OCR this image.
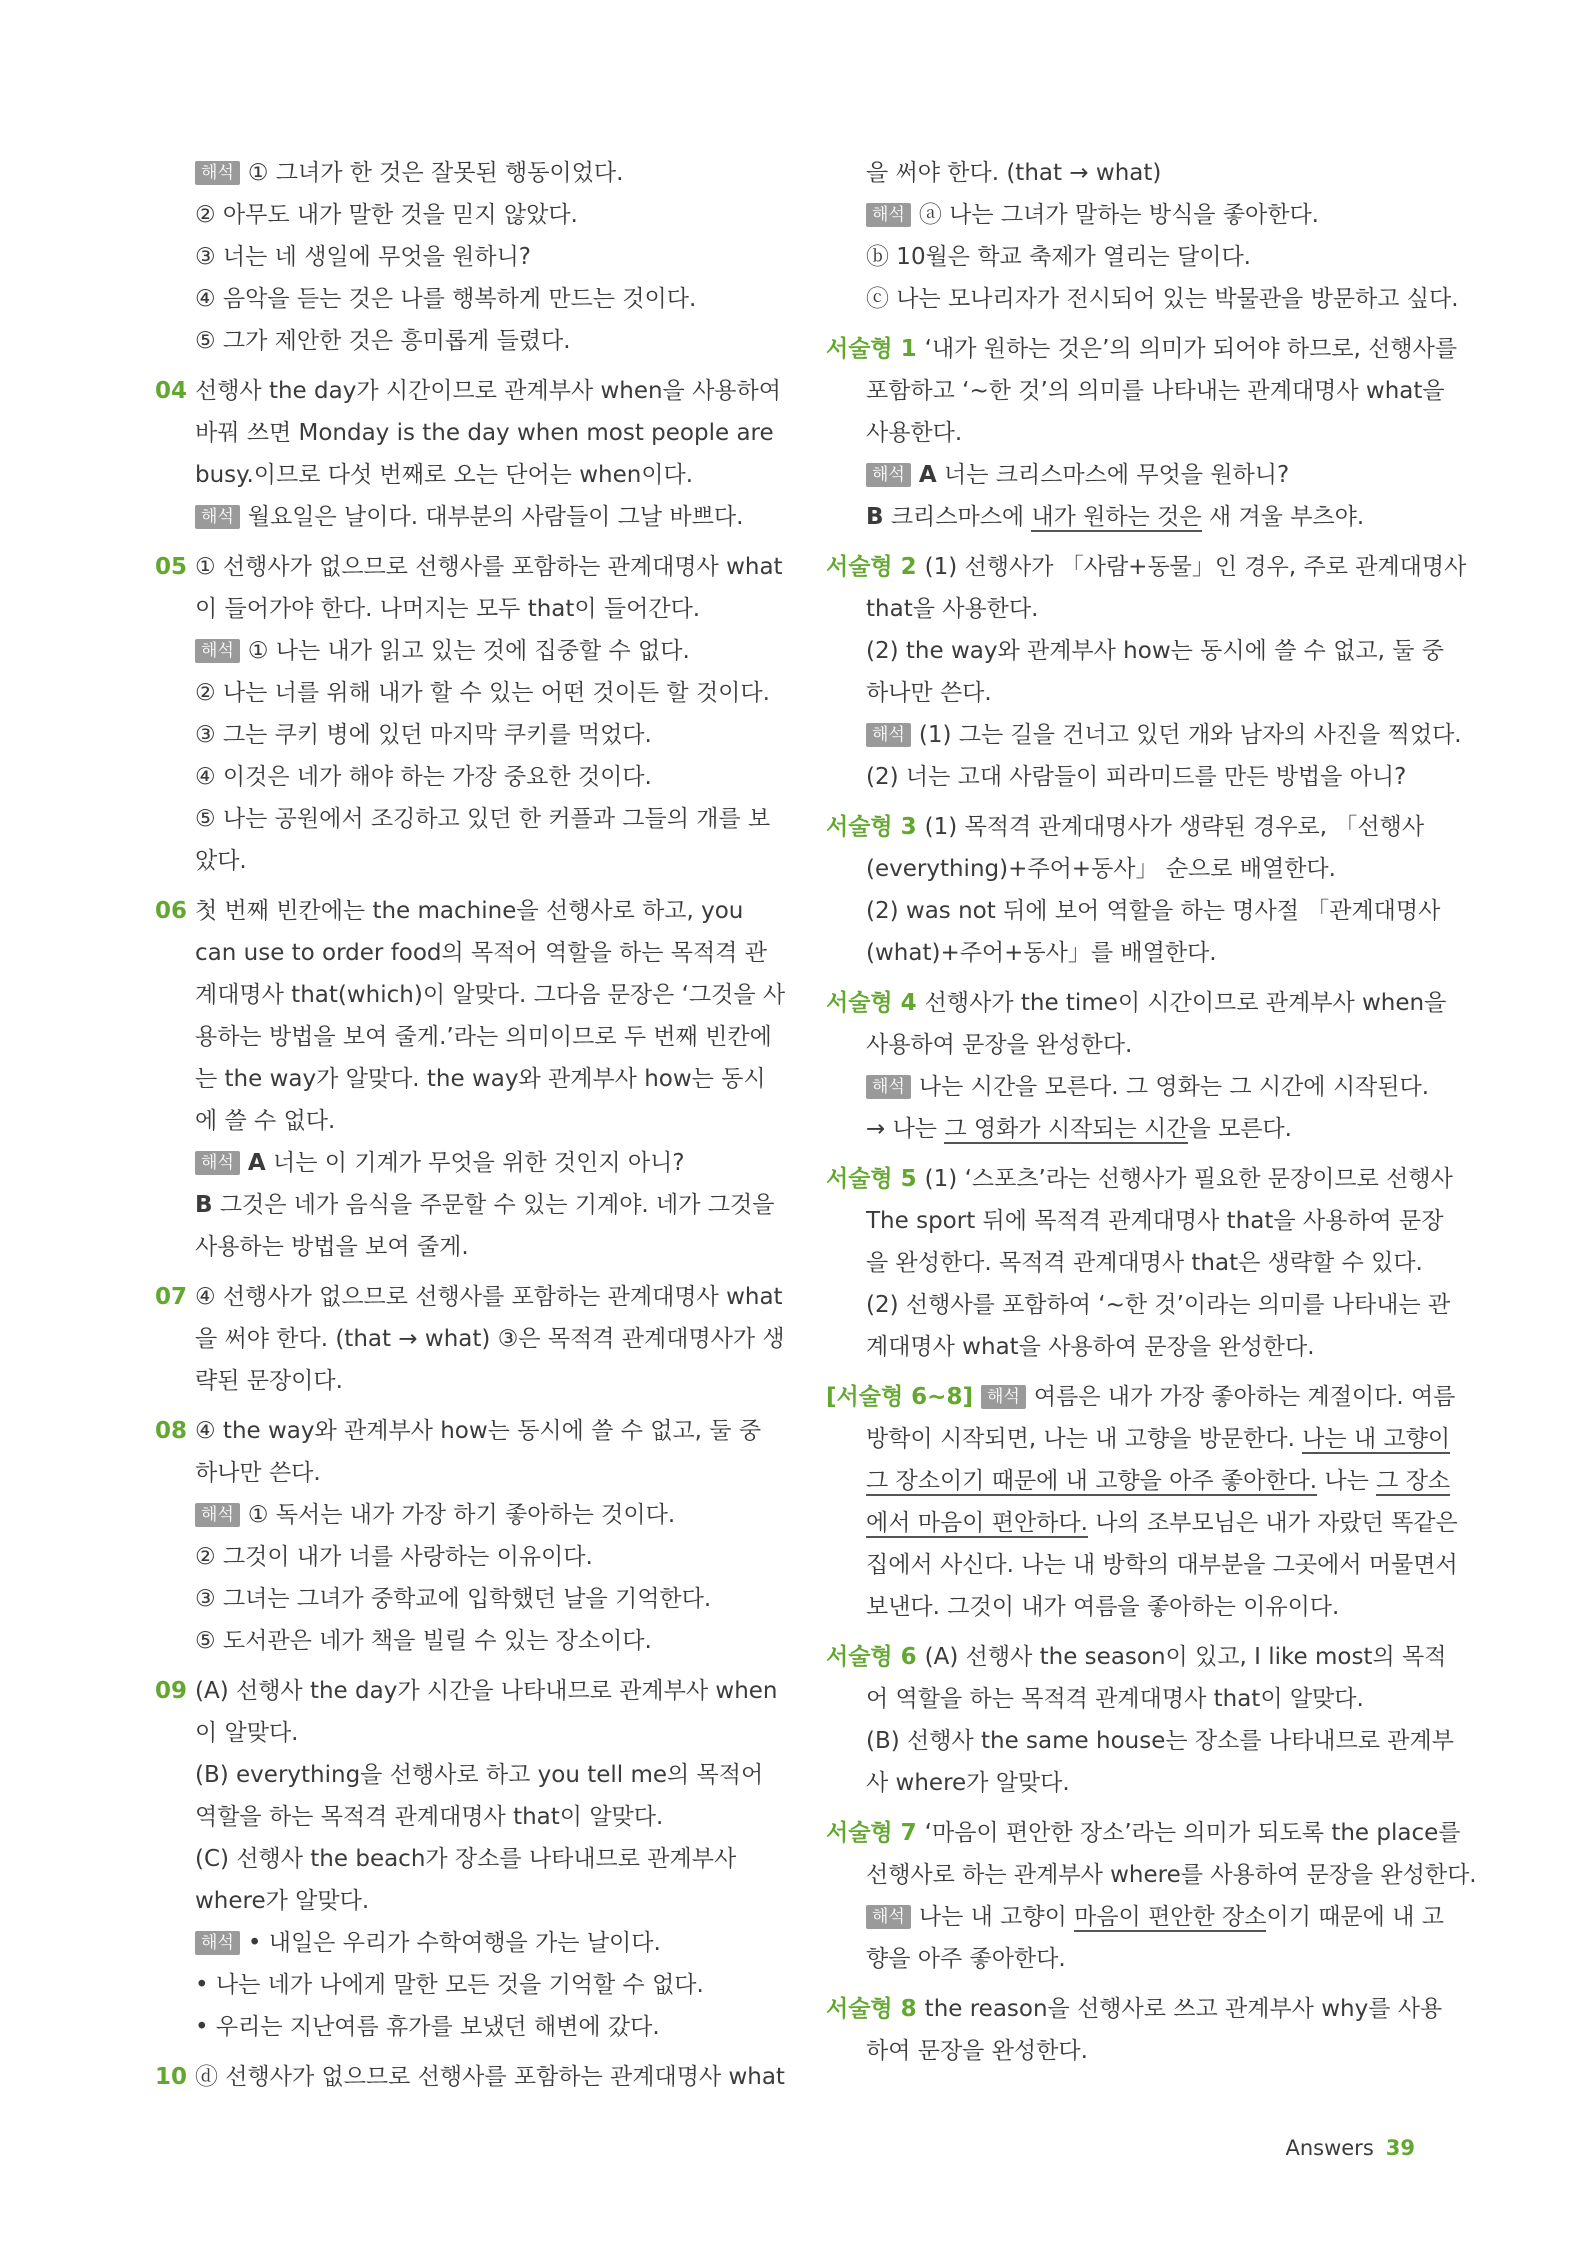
해석 ① 그녀가 한 것은 잘못된 행동이었다.
② 아무도 내가 말한 것을 믿지 않았다.
③ 너는 네 생일에 무엇을 원하니?
④ 음악을 듣는 것은 나를 행복하게 만드는 것이다.
⑤ 그가 제안한 것은 흥미롭게 들렸다.
04 선행사 the day가 시간이므로 관계부사 when을 사용하여
바꿔 쓰면 Monday is the day when most people are
busy.이므로 다섯 번째로 오는 단어는 when이다.
해석 월요일은 날이다. 대부분의 사람들이 그날 바쁘다.
05 ① 선행사가 없으므로 선행사를 포함하는 관계대명사 what
이 들어가야 한다. 나머지는 모두 that이 들어간다.
해석 ① 나는 내가 읽고 있는 것에 집중할 수 없다.
② 나는 너를 위해 내가 할 수 있는 어떤 것이든 할 것이다.
③ 그는 쿠키 병에 있던 마지막 쿠키를 먹었다.
④ 이것은 네가 해야 하는 가장 중요한 것이다.
⑤ 나는 공원에서 조깅하고 있던 한 커플과 그들의 개를 보
았다.
06 첫 번째 빈칸에는 the machine을 선행사로 하고, you
can use to order food의 목적어 역할을 하는 목적격 관
계대명사 that(which)이 알맞다. 그다음 문장은 ‘그것을 사
용하는 방법을 보여 줄게.’라는 의미이므로 두 번째 빈칸에
는 the way가 알맞다. the way와 관계부사 how는 동시
에 쓸 수 없다.
해석 A 너는 이 기계가 무엇을 위한 것인지 아니?
B 그것은 네가 음식을 주문할 수 있는 기계야. 네가 그것을
사용하는 방법을 보여 줄게.
07 ④ 선행사가 없으므로 선행사를 포함하는 관계대명사 what
을 써야 한다. (that → what) ③은 목적격 관계대명사가 생
략된 문장이다.
08 ④ the way와 관계부사 how는 동시에 쓸 수 없고, 둘 중
하나만 쓴다.
해석 ① 독서는 내가 가장 하기 좋아하는 것이다.
② 그것이 내가 너를 사랑하는 이유이다.
③ 그녀는 그녀가 중학교에 입학했던 날을 기억한다.
⑤ 도서관은 네가 책을 빌릴 수 있는 장소이다.
09 (A) 선행사 the day가 시간을 나타내므로 관계부사 when
이 알맞다.
(B) everything을 선행사로 하고 you tell me의 목적어
역할을 하는 목적격 관계대명사 that이 알맞다.
(C) 선행사 the beach가 장소를 나타내므로 관계부사
where가 알맞다.
해석 • 내일은 우리가 수학여행을 가는 날이다.
• 나는 네가 나에게 말한 모든 것을 기억할 수 없다.
• 우리는 지난여름 휴가를 보냈던 해변에 갔다.
10 ⓓ 선행사가 없으므로 선행사를 포함하는 관계대명사 what
을 써야 한다. (that → what)
해석 ⓐ 나는 그녀가 말하는 방식을 좋아한다.
ⓑ 10월은 학교 축제가 열리는 달이다.
ⓒ 나는 모나리자가 전시되어 있는 박물관을 방문하고 싶다.
서술형 1 ‘내가 원하는 것은’의 의미가 되어야 하므로, 선행사를
포함하고 ‘~한 것’의 의미를 나타내는 관계대명사 what을
사용한다.
해석 A 너는 크리스마스에 무엇을 원하니?
B 크리스마스에 내가 원하는 것은 새 겨울 부츠야.
서술형 2 (1) 선행사가 「사람+동물」인 경우, 주로 관계대명사
that을 사용한다.
(2) the way와 관계부사 how는 동시에 쓸 수 없고, 둘 중
하나만 쓴다.
해석 (1) 그는 길을 건너고 있던 개와 남자의 사진을 찍었다.
(2) 너는 고대 사람들이 피라미드를 만든 방법을 아니?
서술형 3 (1) 목적격 관계대명사가 생략된 경우로, 「선행사
(everything)+주어+동사」 순으로 배열한다.
(2) was not 뒤에 보어 역할을 하는 명사절 「관계대명사
(what)+주어+동사」를 배열한다.
서술형 4 선행사가 the time이 시간이므로 관계부사 when을
사용하여 문장을 완성한다.
해석 나는 시간을 모른다. 그 영화는 그 시간에 시작된다.
→ 나는 그 영화가 시작되는 시간을 모른다.
서술형 5 (1) ‘스포츠’라는 선행사가 필요한 문장이므로 선행사
The sport 뒤에 목적격 관계대명사 that을 사용하여 문장
을 완성한다. 목적격 관계대명사 that은 생략할 수 있다.
(2) 선행사를 포함하여 ‘~한 것’이라는 의미를 나타내는 관
계대명사 what을 사용하여 문장을 완성한다.
[서술형 6~8] 해석 여름은 내가 가장 좋아하는 계절이다. 여름
방학이 시작되면, 나는 내 고향을 방문한다. 나는 내 고향이
그 장소이기 때문에 내 고향을 아주 좋아한다. 나는 그 장소
에서 마음이 편안하다. 나의 조부모님은 내가 자랐던 똑같은
집에서 사신다. 나는 내 방학의 대부분을 그곳에서 머물면서
보낸다. 그것이 내가 여름을 좋아하는 이유이다.
서술형 6 (A) 선행사 the season이 있고, I like most의 목적
어 역할을 하는 목적격 관계대명사 that이 알맞다.
(B) 선행사 the same house는 장소를 나타내므로 관계부
사 where가 알맞다.
서술형 7 ‘마음이 편안한 장소’라는 의미가 되도록 the place를
선행사로 하는 관계부사 where를 사용하여 문장을 완성한다.
해석 나는 내 고향이 마음이 편안한 장소이기 때문에 내 고
향을 아주 좋아한다.
서술형 8 the reason을 선행사로 쓰고 관계부사 why를 사용
하여 문장을 완성한다.
Answers 39
